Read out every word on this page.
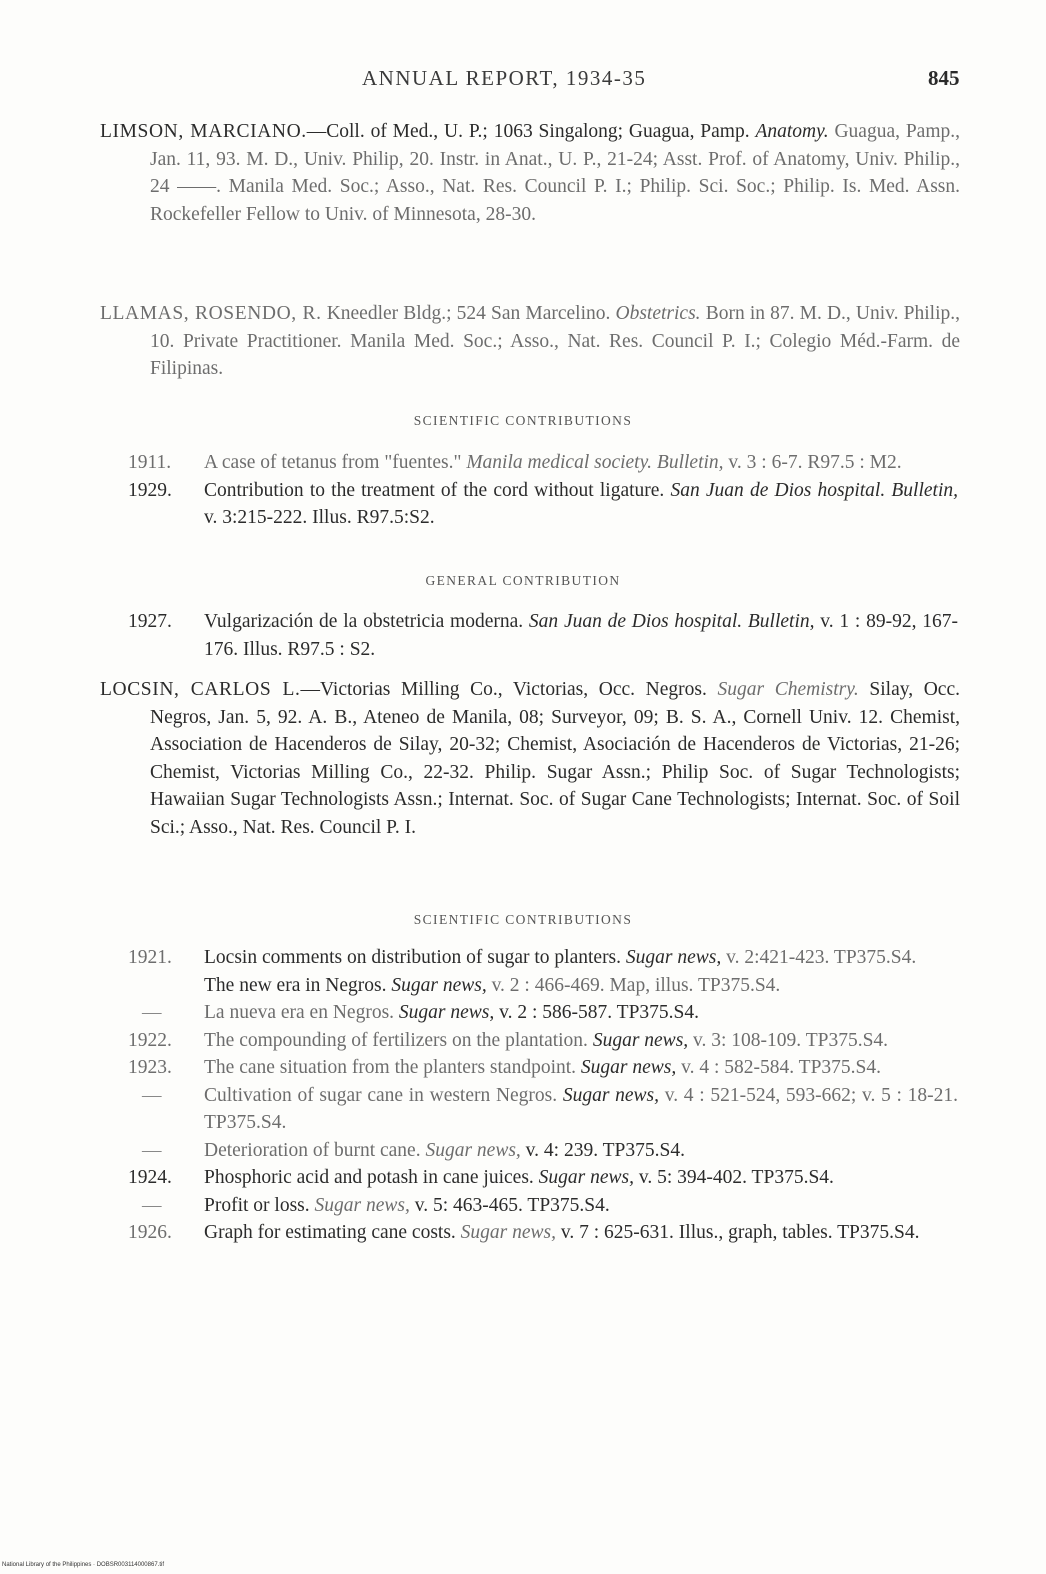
ANNUAL REPORT, 1934-35	845

LIMSON, MARCIANO.—Coll. of Med., U. P.; 1063 Singalong; Guagua, Pamp. Anatomy. Guagua, Pamp., Jan. 11, 93. M. D., Univ. Philip, 20. Instr. in Anat., U. P., 21-24; Asst. Prof. of Anatomy, Univ. Philip., 24 ——. Manila Med. Soc.; Asso., Nat. Res. Council P. I.; Philip. Sci. Soc.; Philip. Is. Med. Assn. Rockefeller Fellow to Univ. of Minnesota, 28-30.

LLAMAS, ROSENDO, R. Kneedler Bldg.; 524 San Marcelino. Obstetrics. Born in 87. M. D., Univ. Philip., 10. Private Practitioner. Manila Med. Soc.; Asso., Nat. Res. Council P. I.; Colegio Méd.-Farm. de Filipinas.

SCIENTIFIC CONTRIBUTIONS
1911.	A case of tetanus from "fuentes." Manila medical society. Bulletin, v. 3 : 6-7. R97.5 : M2.
1929.	Contribution to the treatment of the cord without ligature. San Juan de Dios hospital. Bulletin, v. 3:215-222. Illus. R97.5:S2.
GENERAL CONTRIBUTION
1927.	Vulgarización de la obstetricia moderna. San Juan de Dios hospital. Bulletin, v. 1 : 89-92, 167-176. Illus. R97.5 : S2.

LOCSIN, CARLOS L.—Victorias Milling Co., Victorias, Occ. Negros. Sugar Chemistry. Silay, Occ. Negros, Jan. 5, 92. A. B., Ateneo de Manila, 08; Surveyor, 09; B. S. A., Cornell Univ. 12. Chemist, Association de Hacenderos de Silay, 20-32; Chemist, Asociación de Hacenderos de Victorias, 21-26; Chemist, Victorias Milling Co., 22-32. Philip. Sugar Assn.; Philip Soc. of Sugar Technologists; Hawaiian Sugar Technologists Assn.; Internat. Soc. of Sugar Cane Technologists; Internat. Soc. of Soil Sci.; Asso., Nat. Res. Council P. I.

SCIENTIFIC CONTRIBUTIONS
1921.	Locsin comments on distribution of sugar to planters. Sugar news, v. 2:421-423. TP375.S4.
The new era in Negros. Sugar news, v. 2 : 466-469. Map, illus. TP375.S4.
—	La nueva era en Negros. Sugar news, v. 2 : 586-587. TP375.S4.
1922.	The compounding of fertilizers on the plantation. Sugar news, v. 3: 108-109. TP375.S4.
1923.	The cane situation from the planters standpoint. Sugar news, v. 4 : 582-584. TP375.S4.
—	Cultivation of sugar cane in western Negros. Sugar news, v. 4 : 521-524, 593-662; v. 5 : 18-21. TP375.S4.
—	Deterioration of burnt cane. Sugar news, v. 4: 239. TP375.S4.
1924.	Phosphoric acid and potash in cane juices. Sugar news, v. 5: 394-402. TP375.S4.
—	Profit or loss. Sugar news, v. 5: 463-465. TP375.S4.
1926.	Graph for estimating cane costs. Sugar news, v. 7 : 625-631. Illus., graph, tables. TP375.S4.
National Library of the Philippines · DOBSR003114000867.tif
